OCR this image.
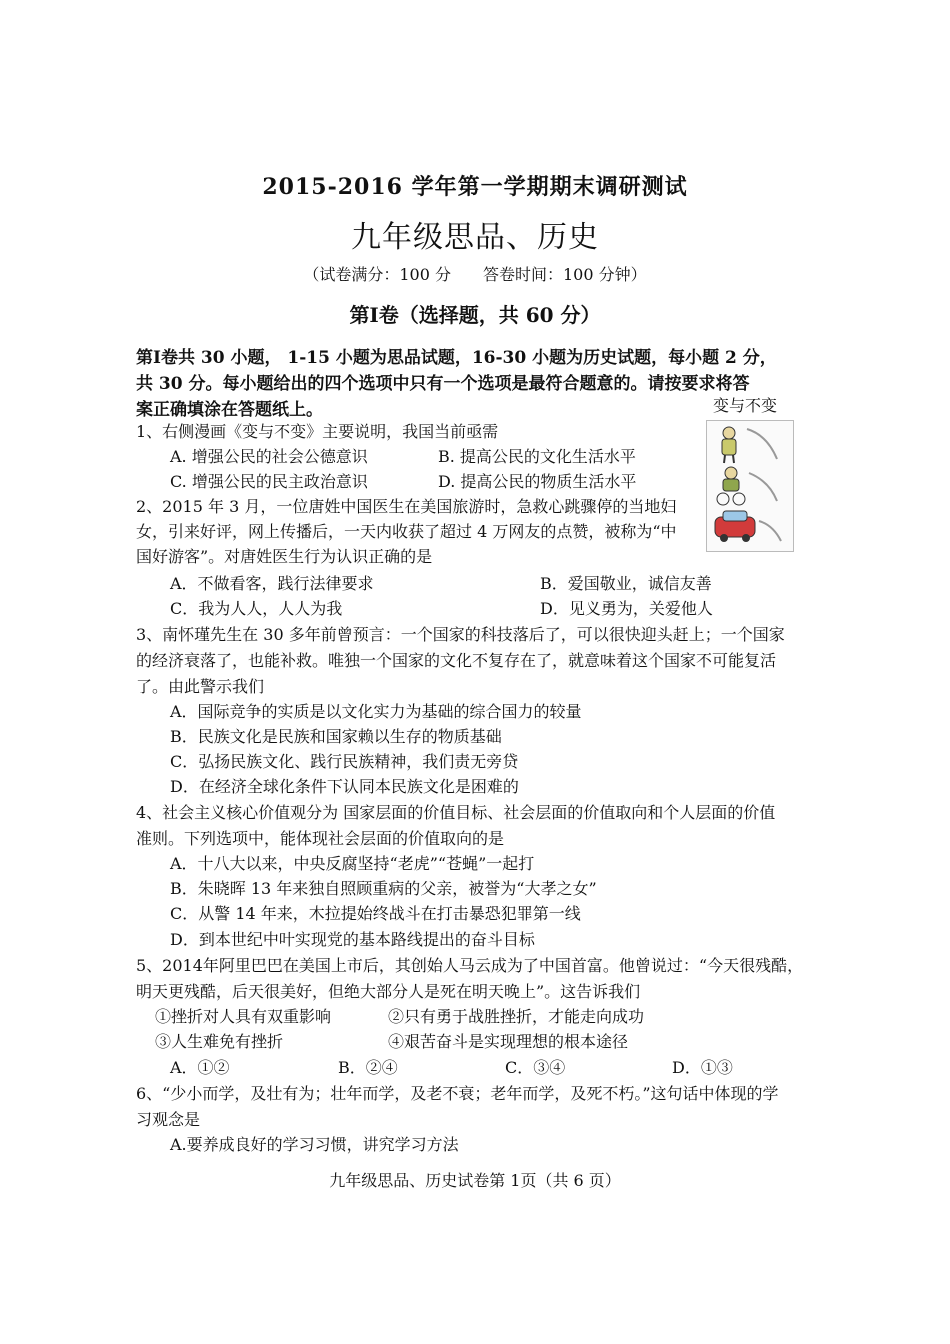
2015-2016 学年第一学期期末调研测试
九年级思品、历史
（试卷满分：100 分　　答卷时间：100 分钟）
第Ⅰ卷（选择题，共 60 分）
第Ⅰ卷共 30 小题， 1-15 小题为思品试题，16-30 小题为历史试题，每小题 2 分，
共 30 分。每小题给出的四个选项中只有一个选项是最符合题意的。请按要求将答
案正确填涂在答题纸上。	变与不变
1、右侧漫画《变与不变》主要说明，我国当前亟需
A. 增强公民的社会公德意识	B. 提高公民的文化生活水平
C. 增强公民的民主政治意识	D. 提高公民的物质生活水平
2、2015 年 3 月，一位唐姓中国医生在美国旅游时，急救心跳骤停的当地妇
女，引来好评，网上传播后，一天内收获了超过 4 万网友的点赞，被称为“中
国好游客”。对唐姓医生行为认识正确的是
A．不做看客，践行法律要求	B．爱国敬业，诚信友善
C．我为人人，人人为我	D．见义勇为，关爱他人
3、南怀瑾先生在 30 多年前曾预言：一个国家的科技落后了，可以很快迎头赶上；一个国家
的经济衰落了，也能补救。唯独一个国家的文化不复存在了，就意味着这个国家不可能复活
了。由此警示我们
A．国际竞争的实质是以文化实力为基础的综合国力的较量
B．民族文化是民族和国家赖以生存的物质基础
C．弘扬民族文化、践行民族精神，我们责无旁贷
D．在经济全球化条件下认同本民族文化是困难的
4、社会主义核心价值观分为 国家层面的价值目标、社会层面的价值取向和个人层面的价值
准则。下列选项中，能体现社会层面的价值取向的是
A．十八大以来，中央反腐坚持“老虎”“苍蝇”一起打
B．朱晓晖 13 年来独自照顾重病的父亲，被誉为“大孝之女”
C．从警 14 年来，木拉提始终战斗在打击暴恐犯罪第一线
D．到本世纪中叶实现党的基本路线提出的奋斗目标
5、2014年阿里巴巴在美国上市后，其创始人马云成为了中国首富。他曾说过：“今天很残酷，
明天更残酷，后天很美好，但绝大部分人是死在明天晚上”。这告诉我们
①挫折对人具有双重影响	②只有勇于战胜挫折，才能走向成功
③人生难免有挫折	④艰苦奋斗是实现理想的根本途径
A．①②	B．②④	C．③④	D．①③
6、“少小而学，及壮有为；壮年而学，及老不衰；老年而学，及死不朽。”这句话中体现的学
习观念是
A.要养成良好的学习习惯，讲究学习方法
九年级思品、历史试卷第 1页（共 6 页）
